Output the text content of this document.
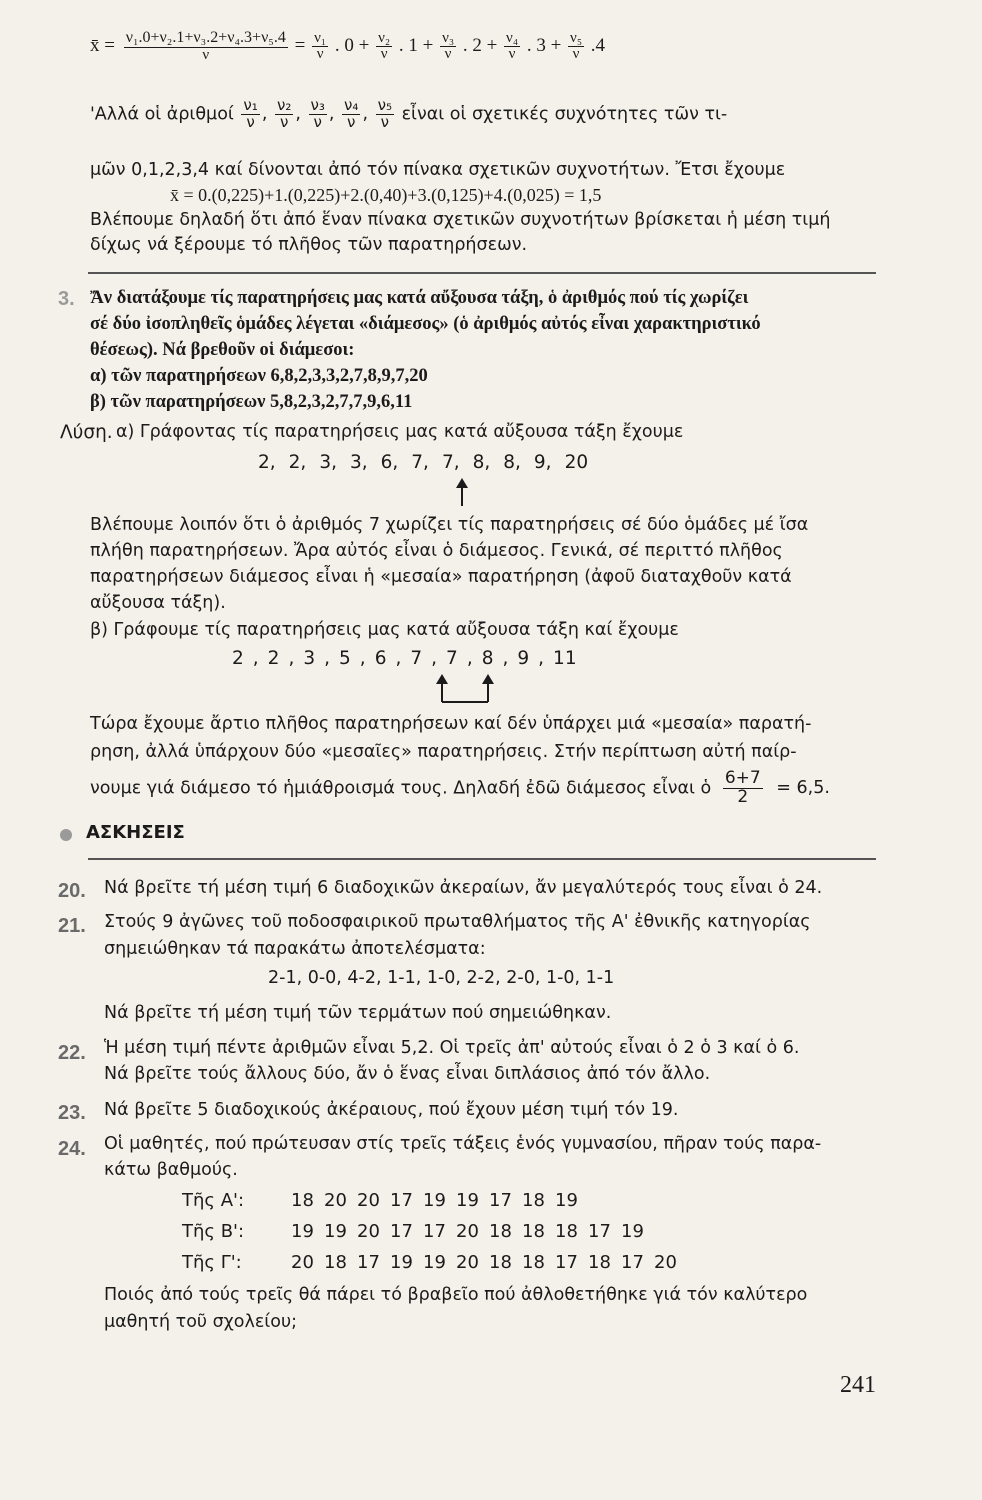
x̄ = $\frac{\text{ν₁.0+ν₂.1+ν₃.2+ν₄.3+ν₅.4}}{\nu} = \frac{\text{ν₁}}{\nu}$ . $0 + \frac{\text{ν₂}}{\nu}$ . $1 + \frac{\text{ν₃}}{\nu}$ . $2 + \frac{\text{ν₄}}{\nu}$ . $3 + \frac{\text{ν₅}}{\nu} .4$
'Αλλά οἱ ἀριθμοί $\frac{\text{ν₁}}{\nu}$ , $\frac{\text{ν₂}}{\nu}$ , $\frac{\text{ν₃}}{\nu}$ , $\frac{\text{ν₄}}{\nu}$ , $\frac{\text{ν₅}}{\nu}$ εἶναι οἱ σχετικές συχνότητες τῶν τι-
μῶν 0,1,2,3,4 καί δίνονται ἀπό τόν πίνακα σχετικῶν συχνοτήτων. Ἔτσι ἔχουμε
x̄ = 0.(0,225)+1.(0,225)+2.(0,40)+3.(0,125)+4.(0,025) = 1,5
Βλέπουμε δηλαδή ὅτι ἀπό ἕναν πίνακα σχετικῶν συχνοτήτων βρίσκεται ἡ μέση τιμή
δίχως νά ξέρουμε τό πλῆθος τῶν παρατηρήσεων.
3. Ἄν διατάξουμε τίς παρατηρήσεις μας κατά αὔξουσα τάξη, ὁ ἀριθμός πού τίς χωρίζει
σέ δύο ἰσοπληθεῖς ὁμάδες λέγεται «διάμεσος» (ὁ ἀριθμός αὐτός εἶναι χαρακτηριστικό
θέσεως). Νά βρεθοῦν οἱ διάμεσοι:
α) τῶν παρατηρήσεων 6,8,2,3,3,2,7,8,9,7,20
β) τῶν παρατηρήσεων 5,8,2,3,2,7,7,9,6,11
Λύση. α) Γράφοντας τίς παρατηρήσεις μας κατά αὔξουσα τάξη ἔχουμε
2, 2, 3, 3, 6, 7, 7, 8, 8, 9, 20
Βλέπουμε λοιπόν ὅτι ὁ ἀριθμός 7 χωρίζει τίς παρατηρήσεις σέ δύο ὁμάδες μέ ἴσα
πλήθη παρατηρήσεων. Ἄρα αὐτός εἶναι ὁ διάμεσος. Γενικά, σέ περιττό πλῆθος
παρατηρήσεων διάμεσος εἶναι ἡ «μεσαία» παρατήρηση (ἀφοῦ διαταχθοῦν κατά
αὔξουσα τάξη).
β) Γράφουμε τίς παρατηρήσεις μας κατά αὔξουσα τάξη καί ἔχουμε
2 , 2 , 3 , 5 , 6 , 7 , 7 , 8 , 9 , 11
Τώρα ἔχουμε ἄρτιο πλῆθος παρατηρήσεων καί δέν ὑπάρχει μιά «μεσαία» παρατή-
ρηση, ἀλλά ὑπάρχουν δύο «μεσαῖες» παρατηρήσεις. Στήν περίπτωση αὐτή παίρ-
νουμε γιά διάμεσο τό ἡμιάθροισμά τους. Δηλαδή ἐδῶ διάμεσος εἶναι ὁ $\frac{6+7}{2} = 6,5$.
ΑΣΚΗΣΕΙΣ
20. Νά βρεῖτε τή μέση τιμή 6 διαδοχικῶν ἀκεραίων, ἄν μεγαλύτερός τους εἶναι ὁ 24.
21. Στούς 9 ἀγῶνες τοῦ ποδοσφαιρικοῦ πρωταθλήματος τῆς Α' ἐθνικῆς κατηγορίας
σημειώθηκαν τά παρακάτω ἀποτελέσματα:
2-1, 0-0, 4-2, 1-1, 1-0, 2-2, 2-0, 1-0, 1-1
Νά βρεῖτε τή μέση τιμή τῶν τερμάτων πού σημειώθηκαν.
22. Ἡ μέση τιμή πέντε ἀριθμῶν εἶναι 5,2. Οἱ τρεῖς ἀπ' αὐτούς εἶναι ὁ 2 ὁ 3 καί ὁ 6.
Νά βρεῖτε τούς ἄλλους δύο, ἄν ὁ ἕνας εἶναι διπλάσιος ἀπό τόν ἄλλο.
23. Νά βρεῖτε 5 διαδοχικούς ἀκέραιους, πού ἔχουν μέση τιμή τόν 19.
24. Οἱ μαθητές, πού πρώτευσαν στίς τρεῖς τάξεις ἑνός γυμνασίου, πῆραν τούς παρα-
κάτω βαθμούς.
Τῆς Α':	18	20	20	17	19	19	17	18	19			
Τῆς Β':	19	19	20	17	17	20	18	18	18	17	19	
Τῆς Γ':	20	18	17	19	19	20	18	18	17	18	17	20
Ποιός ἀπό τούς τρεῖς θά πάρει τό βραβεῖο πού ἀθλοθετήθηκε γιά τόν καλύτερο
μαθητή τοῦ σχολείου;
241
